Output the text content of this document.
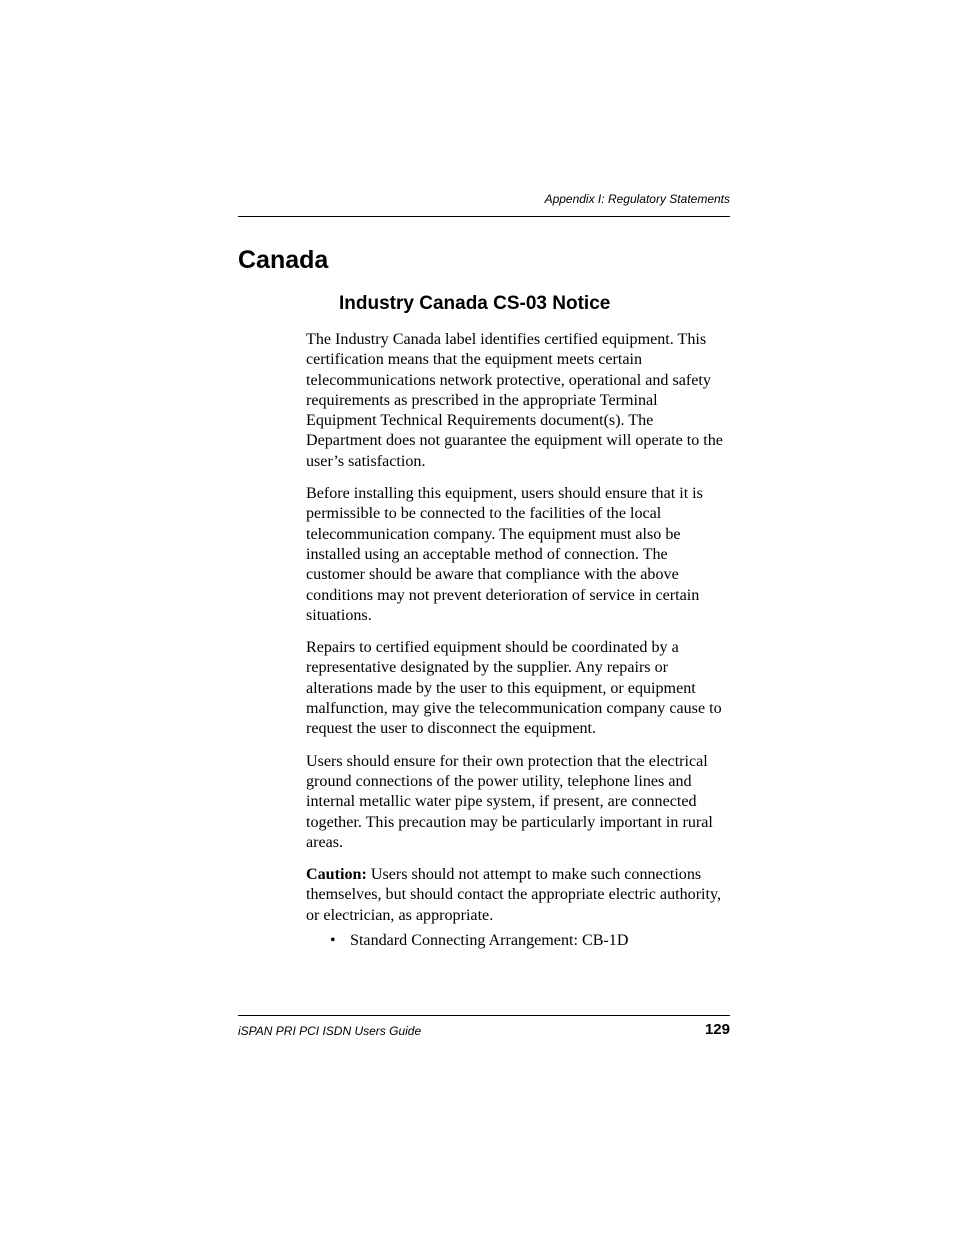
Appendix I: Regulatory Statements
Canada
Industry Canada CS-03 Notice

The Industry Canada label identifies certified equipment. This certification means that the equipment meets certain telecommunications network protective, operational and safety requirements as prescribed in the appropriate Terminal Equipment Technical Requirements document(s). The Department does not guarantee the equipment will operate to the user’s satisfaction.

Before installing this equipment, users should ensure that it is permissible to be connected to the facilities of the local telecommunication company. The equipment must also be installed using an acceptable method of connection. The customer should be aware that compliance with the above conditions may not prevent deterioration of service in certain situations.

Repairs to certified equipment should be coordinated by a representative designated by the supplier. Any repairs or alterations made by the user to this equipment, or equipment malfunction, may give the telecommunication company cause to request the user to disconnect the equipment.

Users should ensure for their own protection that the electrical ground connections of the power utility, telephone lines and internal metallic water pipe system, if present, are connected together. This precaution may be particularly important in rural areas.

Caution: Users should not attempt to make such connections themselves, but should contact the appropriate electric authority, or electrician, as appropriate.

• Standard Connecting Arrangement: CB-1D
iSPAN PRI PCI ISDN Users Guide	129
